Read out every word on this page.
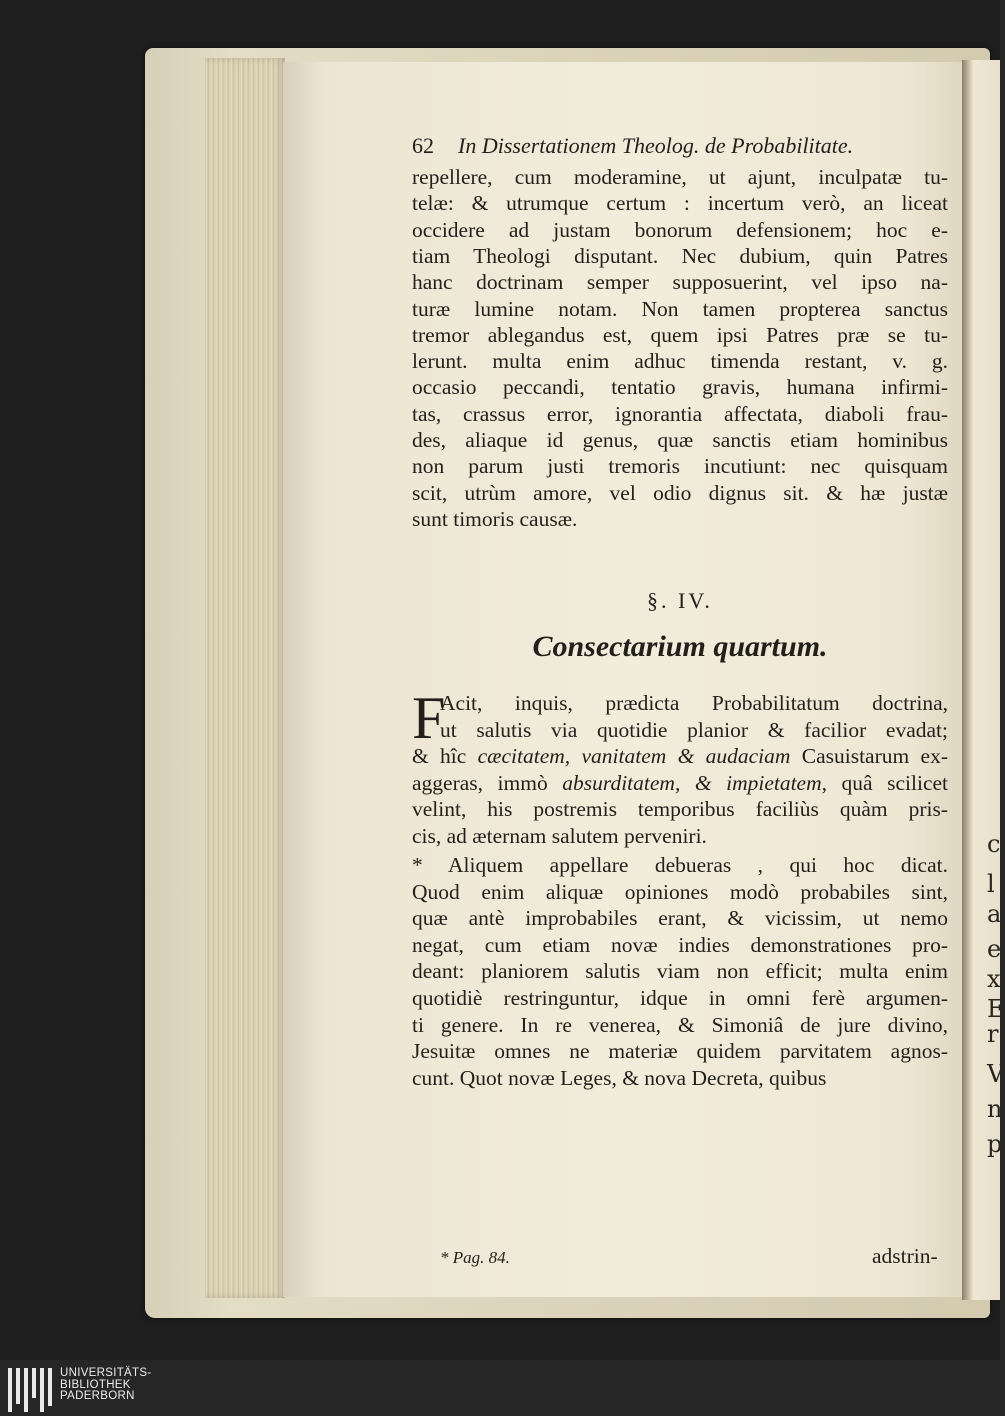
c
l
a
e
x
E
r
V
n
p
62 In Dissertationem Theolog. de Probabilitate.
repellere, cum moderamine, ut ajunt, inculpatæ tu-
telæ: & utrumque certum : incertum verò, an liceat
occidere ad justam bonorum defensionem; hoc e-
tiam Theologi disputant. Nec dubium, quin Patres
hanc doctrinam semper supposuerint, vel ipso na-
turæ lumine notam. Non tamen propterea sanctus
tremor ablegandus est, quem ipsi Patres præ se tu-
lerunt. multa enim adhuc timenda restant, v. g.
occasio peccandi, tentatio gravis, humana infirmi-
tas, crassus error, ignorantia affectata, diaboli frau-
des, aliaque id genus, quæ sanctis etiam hominibus
non parum justi tremoris incutiunt: nec quisquam
scit, utrùm amore, vel odio dignus sit. & hæ justæ
sunt timoris causæ.
§. IV.
Consectarium quartum.
F
Acit, inquis, prædicta Probabilitatum doctrina,
ut salutis via quotidie planior & facilior evadat;
& hîc cæcitatem, vanitatem & audaciam Casuistarum ex-
aggeras, immò absurditatem, & impietatem, quâ scilicet
velint, his postremis temporibus faciliùs quàm pris-
cis, ad æternam salutem perveniri.
* Aliquem appellare debueras , qui hoc dicat.
Quod enim aliquæ opiniones modò probabiles sint,
quæ antè improbabiles erant, & vicissim, ut nemo
negat, cum etiam novæ indies demonstrationes pro-
deant: planiorem salutis viam non efficit; multa enim
quotidiè restringuntur, idque in omni ferè argumen-
ti genere. In re venerea, & Simoniâ de jure divino,
Jesuitæ omnes ne materiæ quidem parvitatem agnos-
cunt. Quot novæ Leges, & nova Decreta, quibus
* Pag. 84.	adstrin-
UNIVERSITÄTS-
BIBLIOTHEK
PADERBORN
